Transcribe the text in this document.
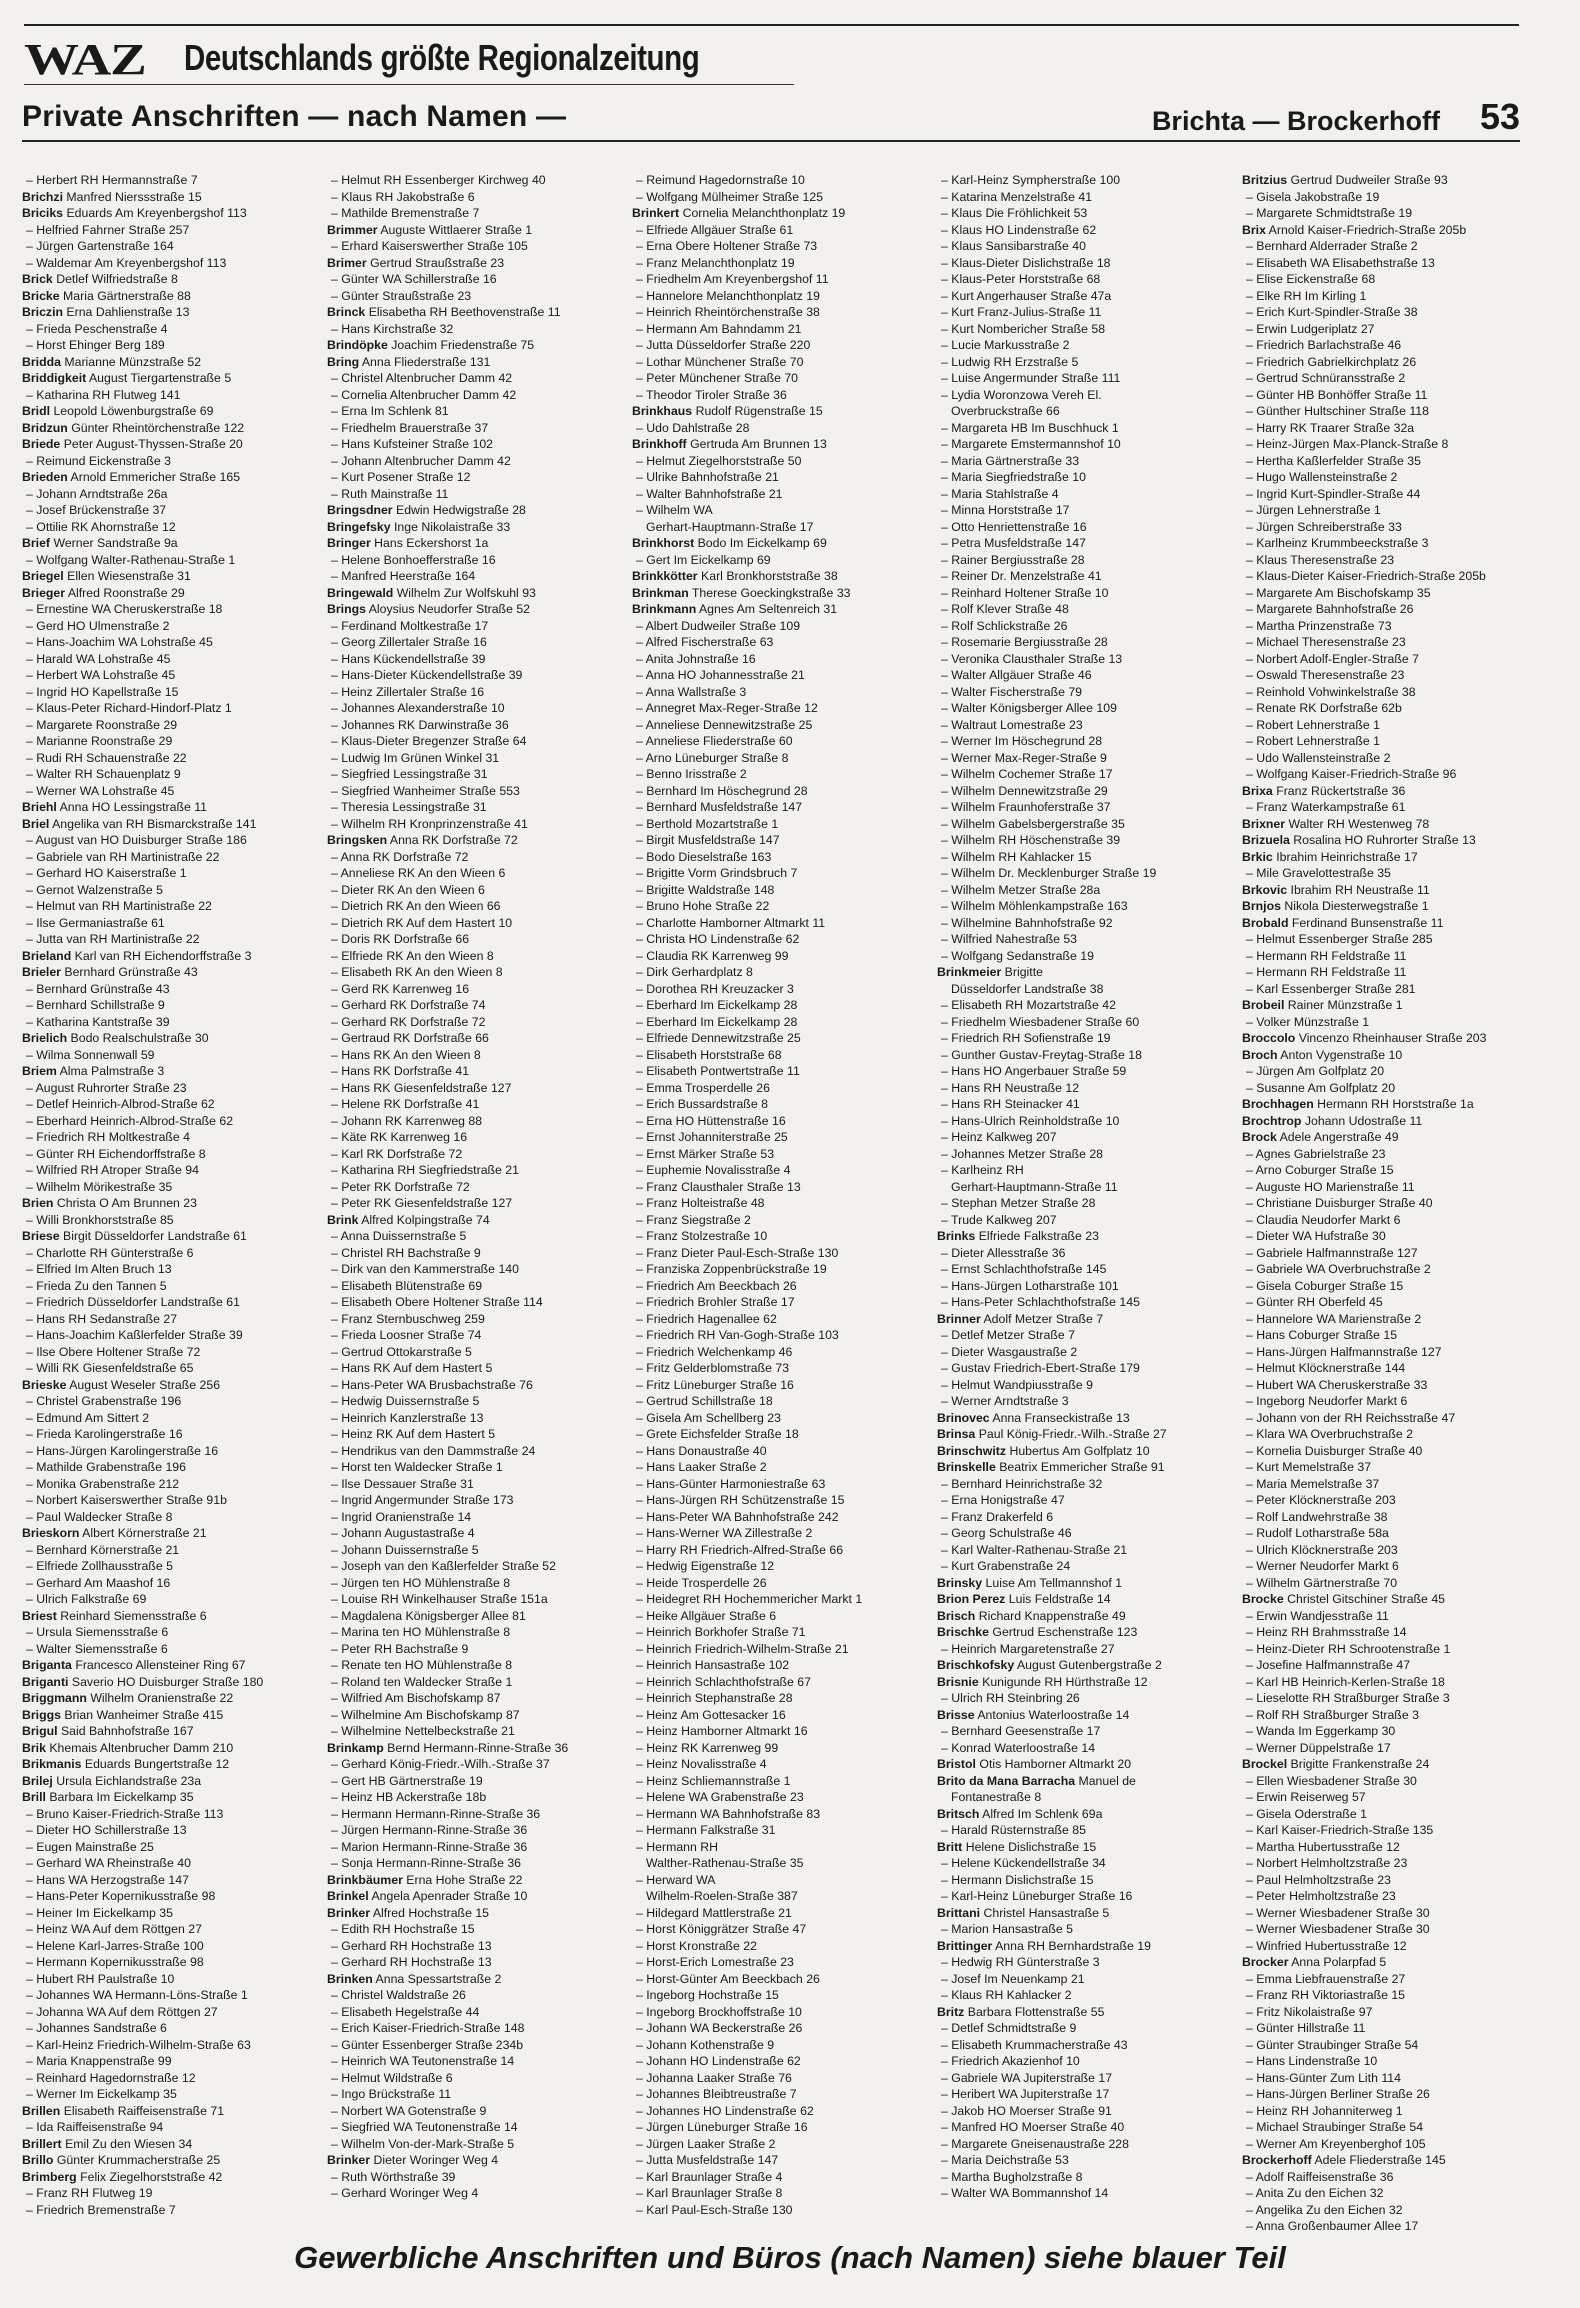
WAZ Deutschlands größte Regionalzeitung
Private Anschriften — nach Namen —	Brichta — Brockerhoff 53
– Herbert RH Hermannstraße 7
Brichzi Manfred Nierssstraße 15
Briciks Eduards Am Kreyenbergshof 113
– Helfried Fahrner Straße 257
– Jürgen Gartenstraße 164
– Waldemar Am Kreyenbergshof 113
Brick Detlef Wilfriedstraße 8
Bricke Maria Gärtnerstraße 88
Briczin Erna Dahlienstraße 13
– Frieda Peschenstraße 4
– Horst Ehinger Berg 189
Bridda Marianne Münzstraße 52
Briddigkeit August Tiergartenstraße 5
– Katharina RH Flutweg 141
Bridl Leopold Löwenburgstraße 69
Bridzun Günter Rheintörchenstraße 122
Briede Peter August-Thyssen-Straße 20
– Reimund Eickenstraße 3
Brieden Arnold Emmericher Straße 165
– Johann Arndtstraße 26a
– Josef Brückenstraße 37
– Ottilie RK Ahornstraße 12
Brief Werner Sandstraße 9a
– Wolfgang Walter-Rathenau-Straße 1
Briegel Ellen Wiesenstraße 31
Brieger Alfred Roonstraße 29
– Ernestine WA Cheruskerstraße 18
– Gerd HO Ulmenstraße 2
– Hans-Joachim WA Lohstraße 45
– Harald WA Lohstraße 45
– Herbert WA Lohstraße 45
– Ingrid HO Kapellstraße 15
– Klaus-Peter Richard-Hindorf-Platz 1
– Margarete Roonstraße 29
– Marianne Roonstraße 29
– Rudi RH Schauenstraße 22
– Walter RH Schauenplatz 9
– Werner WA Lohstraße 45
Briehl Anna HO Lessingstraße 11
Briel Angelika van RH Bismarckstraße 141
– August van HO Duisburger Straße 186
– Gabriele van RH Martinistraße 22
– Gerhard HO Kaiserstraße 1
– Gernot Walzenstraße 5
– Helmut van RH Martinistraße 22
– Ilse Germaniastraße 61
– Jutta van RH Martinistraße 22
Brieland Karl van RH Eichendorffstraße 3
Brieler Bernhard Grünstraße 43
– Bernhard Grünstraße 43
– Bernhard Schillstraße 9
– Katharina Kantstraße 39
Brielich Bodo Realschulstraße 30
– Wilma Sonnenwall 59
Briem Alma Palmstraße 3
– August Ruhrorter Straße 23
– Detlef Heinrich-Albrod-Straße 62
– Eberhard Heinrich-Albrod-Straße 62
– Friedrich RH Moltkestraße 4
– Günter RH Eichendorffstraße 8
– Wilfried RH Atroper Straße 94
– Wilhelm Mörikestraße 35
Brien Christa O Am Brunnen 23
– Willi Bronkhorststraße 85
Briese Birgit Düsseldorfer Landstraße 61
– Charlotte RH Günterstraße 6
– Elfried Im Alten Bruch 13
– Frieda Zu den Tannen 5
– Friedrich Düsseldorfer Landstraße 61
– Hans RH Sedanstraße 27
– Hans-Joachim Kaßlerfelder Straße 39
– Ilse Obere Holtener Straße 72
– Willi RK Giesenfeldstraße 65
Brieske August Weseler Straße 256
– Christel Grabenstraße 196
– Edmund Am Sittert 2
– Frieda Karolingerstraße 16
– Hans-Jürgen Karolingerstraße 16
– Mathilde Grabenstraße 196
– Monika Grabenstraße 212
– Norbert Kaiserswerther Straße 91b
– Paul Waldecker Straße 8
Brieskorn Albert Körnerstraße 21
– Bernhard Körnerstraße 21
– Elfriede Zollhausstraße 5
– Gerhard Am Maashof 16
– Ulrich Falkstraße 69
Briest Reinhard Siemensstraße 6
– Ursula Siemensstraße 6
– Walter Siemensstraße 6
Briganta Francesco Allensteiner Ring 67
Briganti Saverio HO Duisburger Straße 180
Briggmann Wilhelm Oranienstraße 22
Briggs Brian Wanheimer Straße 415
Brigul Said Bahnhofstraße 167
Brik Khemais Altenbrucher Damm 210
Brikmanis Eduards Bungertstraße 12
Brilej Ursula Eichlandstraße 23a
Brill Barbara Im Eickelkamp 35
– Bruno Kaiser-Friedrich-Straße 113
– Dieter HO Schillerstraße 13
– Eugen Mainstraße 25
– Gerhard WA Rheinstraße 40
– Hans WA Herzogstraße 147
– Hans-Peter Kopernikusstraße 98
– Heiner Im Eickelkamp 35
– Heinz WA Auf dem Röttgen 27
– Helene Karl-Jarres-Straße 100
– Hermann Kopernikusstraße 98
– Hubert RH Paulstraße 10
– Johannes WA Hermann-Löns-Straße 1
– Johanna WA Auf dem Röttgen 27
– Johannes Sandstraße 6
– Karl-Heinz Friedrich-Wilhelm-Straße 63
– Maria Knappenstraße 99
– Reinhard Hagedornstraße 12
– Werner Im Eickelkamp 35
Brillen Elisabeth Raiffeisenstraße 71
– Ida Raiffeisenstraße 94
Brillert Emil Zu den Wiesen 34
Brillo Günter Krummacherstraße 25
Brimberg Felix Ziegelhorststraße 42
– Franz RH Flutweg 19
– Friedrich Bremenstraße 7
– Helmut RH Essenberger Kirchweg 40
– Klaus RH Jakobstraße 6
– Mathilde Bremenstraße 7
Brimmer Auguste Wittlaerer Straße 1
– Erhard Kaiserswerther Straße 105
Brimer Gertrud Straußstraße 23
– Günter WA Schillerstraße 16
– Günter Straußstraße 23
Brinck Elisabetha RH Beethovenstraße 11
– Hans Kirchstraße 32
Brindöpke Joachim Friedenstraße 75
Bring Anna Fliederstraße 131
– Christel Altenbrucher Damm 42
– Cornelia Altenbrucher Damm 42
– Erna Im Schlenk 81
– Friedhelm Brauerstraße 37
– Hans Kufsteiner Straße 102
– Johann Altenbrucher Damm 42
– Kurt Posener Straße 12
– Ruth Mainstraße 11
Bringsdner Edwin Hedwigstraße 28
Bringefsky Inge Nikolaistraße 33
Bringer Hans Eckershorst 1a
– Helene Bonhoefferstraße 16
– Manfred Heerstraße 164
Bringewald Wilhelm Zur Wolfskuhl 93
Brings Aloysius Neudorfer Straße 52
– Ferdinand Moltkestraße 17
– Georg Zillertaler Straße 16
– Hans Kückendellstraße 39
– Hans-Dieter Kückendellstraße 39
– Heinz Zillertaler Straße 16
– Johannes Alexanderstraße 10
– Johannes RK Darwinstraße 36
– Klaus-Dieter Bregenzer Straße 64
– Ludwig Im Grünen Winkel 31
– Siegfried Lessingstraße 31
– Siegfried Wanheimer Straße 553
– Theresia Lessingstraße 31
– Wilhelm RH Kronprinzenstraße 41
Bringsken Anna RK Dorfstraße 72
– Anna RK Dorfstraße 72
– Anneliese RK An den Wieen 6
– Dieter RK An den Wieen 6
– Dietrich RK An den Wieen 66
– Dietrich RK Auf dem Hastert 10
– Doris RK Dorfstraße 66
– Elfriede RK An den Wieen 8
– Elisabeth RK An den Wieen 8
– Gerd RK Karrenweg 16
– Gerhard RK Dorfstraße 74
– Gerhard RK Dorfstraße 72
– Gertraud RK Dorfstraße 66
– Hans RK An den Wieen 8
– Hans RK Dorfstraße 41
– Hans RK Giesenfeldstraße 127
– Helene RK Dorfstraße 41
– Johann RK Karrenweg 88
– Käte RK Karrenweg 16
– Karl RK Dorfstraße 72
– Katharina RH Siegfriedstraße 21
– Peter RK Dorfstraße 72
– Peter RK Giesenfeldstraße 127
Brink Alfred Kolpingstraße 74
– Anna Duissernstraße 5
– Christel RH Bachstraße 9
– Dirk van den Kammerstraße 140
– Elisabeth Blütenstraße 69
– Elisabeth Obere Holtener Straße 114
– Franz Sternbuschweg 259
– Frieda Loosner Straße 74
– Gertrud Ottokarstraße 5
– Hans RK Auf dem Hastert 5
– Hans-Peter WA Brusbachstraße 76
– Hedwig Duissernstraße 5
– Heinrich Kanzlerstraße 13
– Heinz RK Auf dem Hastert 5
– Hendrikus van den Dammstraße 24
– Horst ten Waldecker Straße 1
– Ilse Dessauer Straße 31
– Ingrid Angermunder Straße 173
– Ingrid Oranienstraße 14
– Johann Augustastraße 4
– Johann Duissernstraße 5
– Joseph van den Kaßlerfelder Straße 52
– Jürgen ten HO Mühlenstraße 8
– Louise RH Winkelhauser Straße 151a
– Magdalena Königsberger Allee 81
– Marina ten HO Mühlenstraße 8
– Peter RH Bachstraße 9
– Renate ten HO Mühlenstraße 8
– Roland ten Waldecker Straße 1
– Wilfried Am Bischofskamp 87
– Wilhelmine Am Bischofskamp 87
– Wilhelmine Nettelbeckstraße 21
Brinkamp Bernd Hermann-Rinne-Straße 36
– Gerhard König-Friedr.-Wilh.-Straße 37
– Gert HB Gärtnerstraße 19
– Heinz HB Ackerstraße 18b
– Hermann Hermann-Rinne-Straße 36
– Jürgen Hermann-Rinne-Straße 36
– Marion Hermann-Rinne-Straße 36
– Sonja Hermann-Rinne-Straße 36
Brinkbäumer Erna Hohe Straße 22
Brinkel Angela Apenrader Straße 10
Brinker Alfred Hochstraße 15
– Edith RH Hochstraße 15
– Gerhard RH Hochstraße 13
– Gerhard RH Hochstraße 13
Brinken Anna Spessartstraße 2
– Christel Waldstraße 26
– Elisabeth Hegelstraße 44
– Erich Kaiser-Friedrich-Straße 148
– Günter Essenberger Straße 234b
– Heinrich WA Teutonenstraße 14
– Helmut Wildstraße 6
– Ingo Brückstraße 11
– Norbert WA Gotenstraße 9
– Siegfried WA Teutonenstraße 14
– Wilhelm Von-der-Mark-Straße 5
Brinker Dieter Woringer Weg 4
– Ruth Wörthstraße 39
– Gerhard Woringer Weg 4
– Reimund Hagedornstraße 10
– Wolfgang Mülheimer Straße 125
Brinkert Cornelia Melanchthonplatz 19
– Elfriede Allgäuer Straße 61
– Erna Obere Holtener Straße 73
– Franz Melanchthonplatz 19
– Friedhelm Am Kreyenbergshof 11
– Hannelore Melanchthonplatz 19
– Heinrich Rheintörchenstraße 38
– Hermann Am Bahndamm 21
– Jutta Düsseldorfer Straße 220
– Lothar Münchener Straße 70
– Peter Münchener Straße 70
– Theodor Tiroler Straße 36
Brinkhaus Rudolf Rügenstraße 15
– Udo Dahlstraße 28
Brinkhoff Gertruda Am Brunnen 13
– Helmut Ziegelhorststraße 50
– Ulrike Bahnhofstraße 21
– Walter Bahnhofstraße 21
– Wilhelm WA
Gerhart-Hauptmann-Straße 17
Brinkhorst Bodo Im Eickelkamp 69
– Gert Im Eickelkamp 69
Brinkkötter Karl Bronkhorststraße 38
Brinkman Therese Goeckingkstraße 33
Brinkmann Agnes Am Seltenreich 31
– Albert Dudweiler Straße 109
– Alfred Fischerstraße 63
– Anita Johnstraße 16
– Anna HO Johannesstraße 21
– Anna Wallstraße 3
– Annegret Max-Reger-Straße 12
– Anneliese Dennewitzstraße 25
– Anneliese Fliederstraße 60
– Arno Lüneburger Straße 8
– Benno Irisstraße 2
– Bernhard Im Höschegrund 28
– Bernhard Musfeldstraße 147
– Berthold Mozartstraße 1
– Birgit Musfeldstraße 147
– Bodo Dieselstraße 163
– Brigitte Vorm Grindsbruch 7
– Brigitte Waldstraße 148
– Bruno Hohe Straße 22
– Charlotte Hamborner Altmarkt 11
– Christa HO Lindenstraße 62
– Claudia RK Karrenweg 99
– Dirk Gerhardplatz 8
– Dorothea RH Kreuzacker 3
– Eberhard Im Eickelkamp 28
– Eberhard Im Eickelkamp 28
– Elfriede Dennewitzstraße 25
– Elisabeth Horststraße 68
– Elisabeth Pontwertstraße 11
– Emma Trosperdelle 26
– Erich Bussardstraße 8
– Erna HO Hüttenstraße 16
– Ernst Johanniterstraße 25
– Ernst Märker Straße 53
– Euphemie Novalisstraße 4
– Franz Clausthaler Straße 13
– Franz Holteistraße 48
– Franz Siegstraße 2
– Franz Stolzestraße 10
– Franz Dieter Paul-Esch-Straße 130
– Franziska Zoppenbrückstraße 19
– Friedrich Am Beeckbach 26
– Friedrich Brohler Straße 17
– Friedrich Hagenallee 62
– Friedrich RH Van-Gogh-Straße 103
– Friedrich Welchenkamp 46
– Fritz Gelderblomstraße 73
– Fritz Lüneburger Straße 16
– Gertrud Schillstraße 18
– Gisela Am Schellberg 23
– Grete Eichsfelder Straße 18
– Hans Donaustraße 40
– Hans Laaker Straße 2
– Hans-Günter Harmoniestraße 63
– Hans-Jürgen RH Schützenstraße 15
– Hans-Peter WA Bahnhofstraße 242
– Hans-Werner WA Zillestraße 2
– Harry RH Friedrich-Alfred-Straße 66
– Hedwig Eigenstraße 12
– Heide Trosperdelle 26
– Heidegret RH Hochemmericher Markt 1
– Heike Allgäuer Straße 6
– Heinrich Borkhofer Straße 71
– Heinrich Friedrich-Wilhelm-Straße 21
– Heinrich Hansastraße 102
– Heinrich Schlachthofstraße 67
– Heinrich Stephanstraße 28
– Heinz Am Gottesacker 16
– Heinz Hamborner Altmarkt 16
– Heinz RK Karrenweg 99
– Heinz Novalisstraße 4
– Heinz Schliemannstraße 1
– Helene WA Grabenstraße 23
– Hermann WA Bahnhofstraße 83
– Hermann Falkstraße 31
– Hermann RH
Walther-Rathenau-Straße 35
– Herward WA
Wilhelm-Roelen-Straße 387
– Hildegard Mattlerstraße 21
– Horst Königgrätzer Straße 47
– Horst Kronstraße 22
– Horst-Erich Lomestraße 23
– Horst-Günter Am Beeckbach 26
– Ingeborg Hochstraße 15
– Ingeborg Brockhoffstraße 10
– Johann WA Beckerstraße 26
– Johann Kothenstraße 9
– Johann HO Lindenstraße 62
– Johanna Laaker Straße 76
– Johannes Bleibtreustraße 7
– Johannes HO Lindenstraße 62
– Jürgen Lüneburger Straße 16
– Jürgen Laaker Straße 2
– Jutta Musfeldstraße 147
– Karl Braunlager Straße 4
– Karl Braunlager Straße 8
– Karl Paul-Esch-Straße 130
– Karl-Heinz Sympherstraße 100
– Katarina Menzelstraße 41
– Klaus Die Fröhlichkeit 53
– Klaus HO Lindenstraße 62
– Klaus Sansibarstraße 40
– Klaus-Dieter Dislichstraße 18
– Klaus-Peter Horststraße 68
– Kurt Angerhauser Straße 47a
– Kurt Franz-Julius-Straße 11
– Kurt Nombericher Straße 58
– Lucie Markusstraße 2
– Ludwig RH Erzstraße 5
– Luise Angermunder Straße 111
– Lydia Woronzowa Vereh El.
Overbruckstraße 66
– Margareta HB Im Buschhuck 1
– Margarete Emstermannshof 10
– Maria Gärtnerstraße 33
– Maria Siegfriedstraße 10
– Maria Stahlstraße 4
– Minna Horststraße 17
– Otto Henriettenstraße 16
– Petra Musfeldstraße 147
– Rainer Bergiusstraße 28
– Reiner Dr. Menzelstraße 41
– Reinhard Holtener Straße 10
– Rolf Klever Straße 48
– Rolf Schlickstraße 26
– Rosemarie Bergiusstraße 28
– Veronika Clausthaler Straße 13
– Walter Allgäuer Straße 46
– Walter Fischerstraße 79
– Walter Königsberger Allee 109
– Waltraut Lomestraße 23
– Werner Im Höschegrund 28
– Werner Max-Reger-Straße 9
– Wilhelm Cochemer Straße 17
– Wilhelm Dennewitzstraße 29
– Wilhelm Fraunhoferstraße 37
– Wilhelm Gabelsbergerstraße 35
– Wilhelm RH Höschenstraße 39
– Wilhelm RH Kahlacker 15
– Wilhelm Dr. Mecklenburger Straße 19
– Wilhelm Metzer Straße 28a
– Wilhelm Möhlenkampstraße 163
– Wilhelmine Bahnhofstraße 92
– Wilfried Nahestraße 53
– Wolfgang Sedanstraße 19
Brinkmeier Brigitte
Düsseldorfer Landstraße 38
– Elisabeth RH Mozartstraße 42
– Friedhelm Wiesbadener Straße 60
– Friedrich RH Sofienstraße 19
– Gunther Gustav-Freytag-Straße 18
– Hans HO Angerbauer Straße 59
– Hans RH Neustraße 12
– Hans RH Steinacker 41
– Hans-Ulrich Reinholdstraße 10
– Heinz Kalkweg 207
– Johannes Metzer Straße 28
– Karlheinz RH
Gerhart-Hauptmann-Straße 11
– Stephan Metzer Straße 28
– Trude Kalkweg 207
Brinks Elfriede Falkstraße 23
– Dieter Allesstraße 36
– Ernst Schlachthofstraße 145
– Hans-Jürgen Lotharstraße 101
– Hans-Peter Schlachthofstraße 145
Brinner Adolf Metzer Straße 7
– Detlef Metzer Straße 7
– Dieter Wasgaustraße 2
– Gustav Friedrich-Ebert-Straße 179
– Helmut Wandpiusstraße 9
– Werner Arndtstraße 3
Brinovec Anna Franseckistraße 13
Brinsa Paul König-Friedr.-Wilh.-Straße 27
Brinschwitz Hubertus Am Golfplatz 10
Brinskelle Beatrix Emmericher Straße 91
– Bernhard Heinrichstraße 32
– Erna Honigstraße 47
– Franz Drakerfeld 6
– Georg Schulstraße 46
– Karl Walter-Rathenau-Straße 21
– Kurt Grabenstraße 24
Brinsky Luise Am Tellmannshof 1
Brion Perez Luis Feldstraße 14
Brisch Richard Knappenstraße 49
Brischke Gertrud Eschenstraße 123
– Heinrich Margaretenstraße 27
Brischkofsky August Gutenbergstraße 2
Brisnie Kunigunde RH Hürthstraße 12
– Ulrich RH Steinbring 26
Brisse Antonius Waterloostraße 14
– Bernhard Geesenstraße 17
– Konrad Waterloostraße 14
Bristol Otis Hamborner Altmarkt 20
Brito da Mana Barracha Manuel de
Fontanestraße 8
Britsch Alfred Im Schlenk 69a
– Harald Rüsternstraße 85
Britt Helene Dislichstraße 15
– Helene Kückendellstraße 34
– Hermann Dislichstraße 15
– Karl-Heinz Lüneburger Straße 16
Brittani Christel Hansastraße 5
– Marion Hansastraße 5
Brittinger Anna RH Bernhardstraße 19
– Hedwig RH Günterstraße 3
– Josef Im Neuenkamp 21
– Klaus RH Kahlacker 2
Britz Barbara Flottenstraße 55
– Detlef Schmidtstraße 9
– Elisabeth Krummacherstraße 43
– Friedrich Akazienhof 10
– Gabriele WA Jupiterstraße 17
– Heribert WA Jupiterstraße 17
– Jakob HO Moerser Straße 91
– Manfred HO Moerser Straße 40
– Margarete Gneisenaustraße 228
– Maria Deichstraße 53
– Martha Bugholzstraße 8
– Walter WA Bommannshof 14
Britzius Gertrud Dudweiler Straße 93
– Gisela Jakobstraße 19
– Margarete Schmidtstraße 19
Brix Arnold Kaiser-Friedrich-Straße 205b
– Bernhard Alderrader Straße 2
– Elisabeth WA Elisabethstraße 13
– Elise Eickenstraße 68
– Elke RH Im Kirling 1
– Erich Kurt-Spindler-Straße 38
– Erwin Ludgeriplatz 27
– Friedrich Barlachstraße 46
– Friedrich Gabrielkirchplatz 26
– Gertrud Schnüransstraße 2
– Günter HB Bonhöffer Straße 11
– Günther Hultschiner Straße 118
– Harry RK Traarer Straße 32a
– Heinz-Jürgen Max-Planck-Straße 8
– Hertha Kaßlerfelder Straße 35
– Hugo Wallensteinstraße 2
– Ingrid Kurt-Spindler-Straße 44
– Jürgen Lehnerstraße 1
– Jürgen Schreiberstraße 33
– Karlheinz Krummbeeckstraße 3
– Klaus Theresenstraße 23
– Klaus-Dieter Kaiser-Friedrich-Straße 205b
– Margarete Am Bischofskamp 35
– Margarete Bahnhofstraße 26
– Martha Prinzenstraße 73
– Michael Theresenstraße 23
– Norbert Adolf-Engler-Straße 7
– Oswald Theresenstraße 23
– Reinhold Vohwinkelstraße 38
– Renate RK Dorfstraße 62b
– Robert Lehnerstraße 1
– Robert Lehnerstraße 1
– Udo Wallensteinstraße 2
– Wolfgang Kaiser-Friedrich-Straße 96
Brixa Franz Rückertstraße 36
– Franz Waterkampstraße 61
Brixner Walter RH Westenweg 78
Brizuela Rosalina HO Ruhrorter Straße 13
Brkic Ibrahim Heinrichstraße 17
– Mile Gravelottestraße 35
Brkovic Ibrahim RH Neustraße 11
Brnjos Nikola Diesterwegstraße 1
Brobald Ferdinand Bunsenstraße 11
– Helmut Essenberger Straße 285
– Hermann RH Feldstraße 11
– Hermann RH Feldstraße 11
– Karl Essenberger Straße 281
Brobeil Rainer Münzstraße 1
– Volker Münzstraße 1
Broccolo Vincenzo Rheinhauser Straße 203
Broch Anton Vygenstraße 10
– Jürgen Am Golfplatz 20
– Susanne Am Golfplatz 20
Brochhagen Hermann RH Horststraße 1a
Brochtrop Johann Udostraße 11
Brock Adele Angerstraße 49
– Agnes Gabrielstraße 23
– Arno Coburger Straße 15
– Auguste HO Marienstraße 11
– Christiane Duisburger Straße 40
– Claudia Neudorfer Markt 6
– Dieter WA Hufstraße 30
– Gabriele Halfmannstraße 127
– Gabriele WA Overbruchstraße 2
– Gisela Coburger Straße 15
– Günter RH Oberfeld 45
– Hannelore WA Marienstraße 2
– Hans Coburger Straße 15
– Hans-Jürgen Halfmannstraße 127
– Helmut Klöcknerstraße 144
– Hubert WA Cheruskerstraße 33
– Ingeborg Neudorfer Markt 6
– Johann von der RH Reichsstraße 47
– Klara WA Overbruchstraße 2
– Kornelia Duisburger Straße 40
– Kurt Memelstraße 37
– Maria Memelstraße 37
– Peter Klöcknerstraße 203
– Rolf Landwehrstraße 38
– Rudolf Lotharstraße 58a
– Ulrich Klöcknerstraße 203
– Werner Neudorfer Markt 6
– Wilhelm Gärtnerstraße 70
Brocke Christel Gitschiner Straße 45
– Erwin Wandjesstraße 11
– Heinz RH Brahmsstraße 14
– Heinz-Dieter RH Schrootenstraße 1
– Josefine Halfmannstraße 47
– Karl HB Heinrich-Kerlen-Straße 18
– Lieselotte RH Straßburger Straße 3
– Rolf RH Straßburger Straße 3
– Wanda Im Eggerkamp 30
– Werner Düppelstraße 17
Brockel Brigitte Frankenstraße 24
– Ellen Wiesbadener Straße 30
– Erwin Reiserweg 57
– Gisela Oderstraße 1
– Karl Kaiser-Friedrich-Straße 135
– Martha Hubertusstraße 12
– Norbert Helmholtzstraße 23
– Paul Helmholtzstraße 23
– Peter Helmholtzstraße 23
– Werner Wiesbadener Straße 30
– Werner Wiesbadener Straße 30
– Winfried Hubertusstraße 12
Brocker Anna Polarpfad 5
– Emma Liebfrauenstraße 27
– Franz RH Viktoriastraße 15
– Fritz Nikolaistraße 97
– Günter Hillstraße 11
– Günter Straubinger Straße 54
– Hans Lindenstraße 10
– Hans-Günter Zum Lith 114
– Hans-Jürgen Berliner Straße 26
– Heinz RH Johanniterweg 1
– Michael Straubinger Straße 54
– Werner Am Kreyenberghof 105
Brockerhoff Adele Fliederstraße 145
– Adolf Raiffeisenstraße 36
– Anita Zu den Eichen 32
– Angelika Zu den Eichen 32
– Anna Großenbaumer Allee 17
Gewerbliche Anschriften und Büros (nach Namen) siehe blauer Teil
